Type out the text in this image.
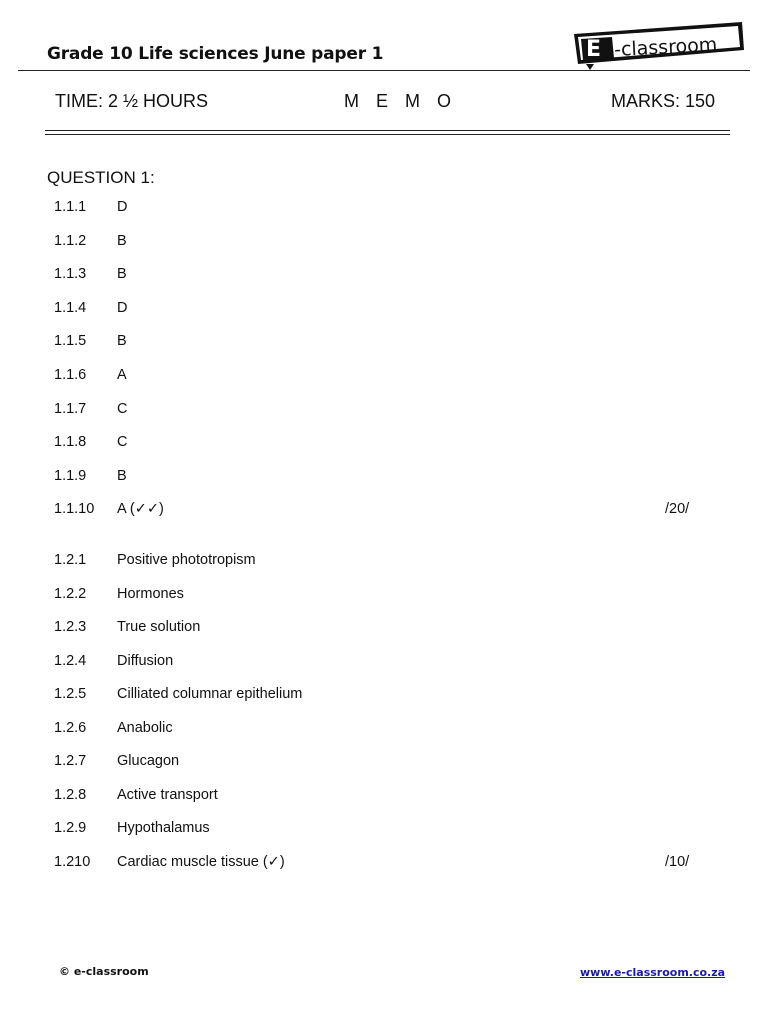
Grade 10 Life sciences June paper 1	E -classroom
TIME: 2 ½ HOURS	M E M O	MARKS: 150
QUESTION 1:
1.1.1 D
1.1.2 B
1.1.3 B
1.1.4 D
1.1.5 B
1.1.6 A
1.1.7 C
1.1.8 C
1.1.9 B
1.1.10 A (✓✓)	/20/
1.2.1 Positive phototropism
1.2.2 Hormones
1.2.3 True solution
1.2.4 Diffusion
1.2.5 Cilliated columnar epithelium
1.2.6 Anabolic
1.2.7 Glucagon
1.2.8 Active transport
1.2.9 Hypothalamus
1.210 Cardiac muscle tissue (✓)	/10/
© e-classroom	www.e-classroom.co.za
